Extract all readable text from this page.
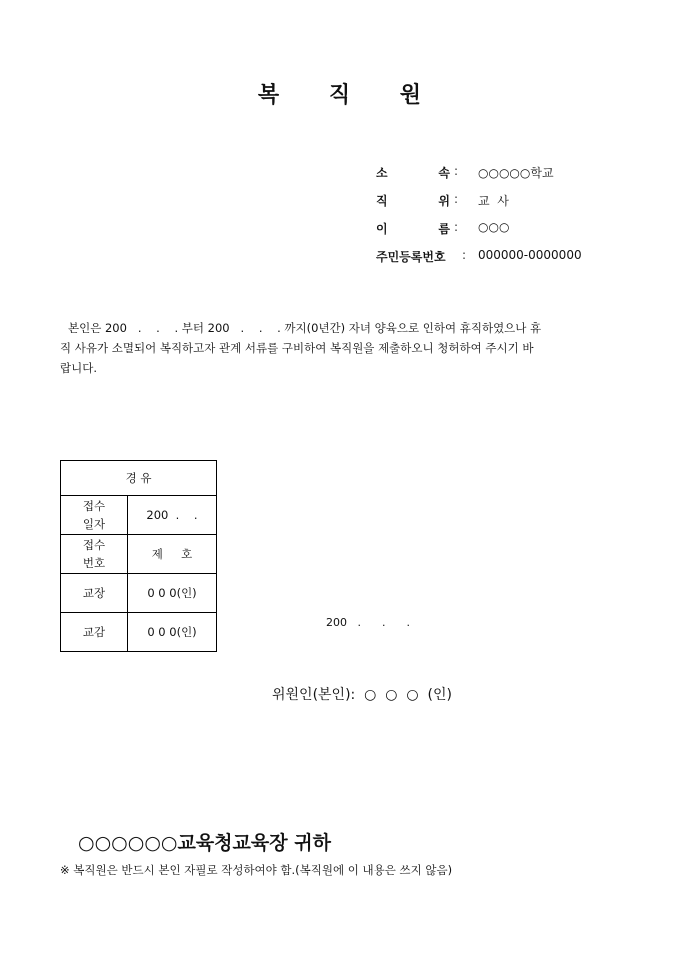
복 직 원
소	속 :	○○○○○학교
직	위 :	교  사
이	름 :	○○○
주민등록번호	: 000000-0000000

본인은 200   .    .    . 부터 200   .    .    . 까지(0년간) 자녀 양육으로 인하여 휴직하였으나 휴

직 사유가 소멸되어 복직하고자 관계 서류를 구비하여 복직원을 제출하오니 청허하여 주시기 바

랍니다.

경 유	

접수
일자	200  .    .

접수
번호	제     호
교장	0 0 0(인)
교감	0 0 0(인)
200   .      .      .
위원인(본인):  ○  ○  ○  (인)
○○○○○○교육청교육장 귀하
※ 복직원은 반드시 본인 자필로 작성하여야 함.(복직원에 이 내용은 쓰지 않음)
